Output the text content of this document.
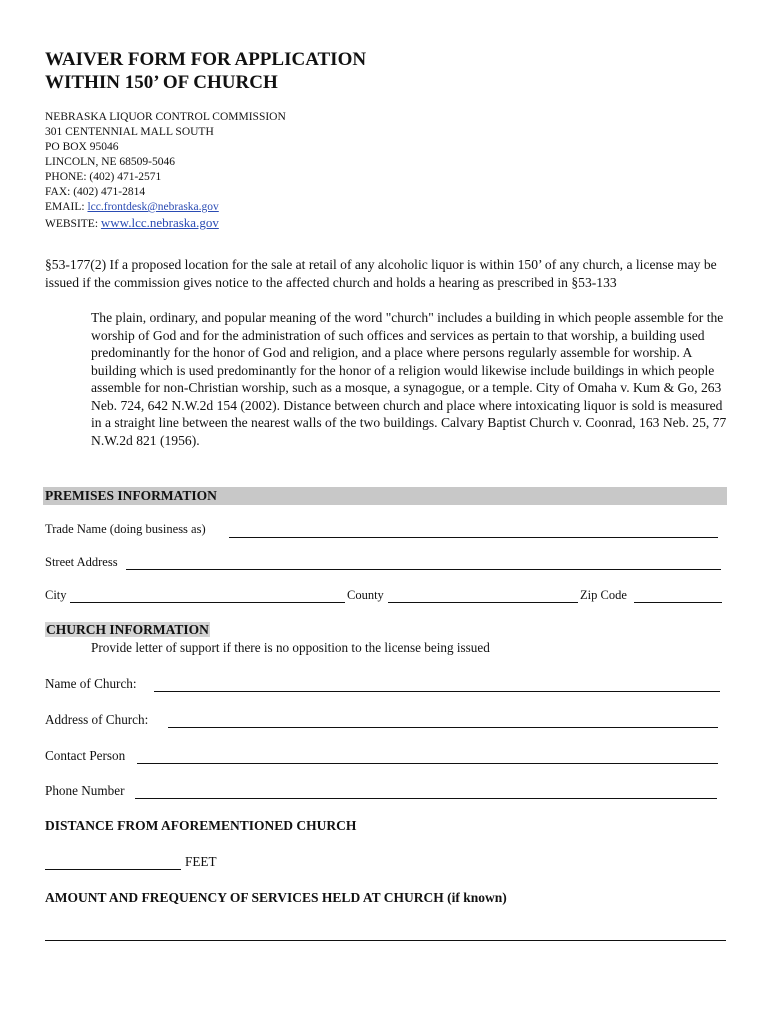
WAIVER FORM FOR APPLICATION
WITHIN 150’ OF CHURCH
NEBRASKA LIQUOR CONTROL COMMISSION
301 CENTENNIAL MALL SOUTH
PO BOX 95046
LINCOLN, NE 68509-5046
PHONE: (402) 471-2571
FAX: (402) 471-2814
EMAIL: lcc.frontdesk@nebraska.gov
WEBSITE: www.lcc.nebraska.gov
§53-177(2) If a proposed location for the sale at retail of any alcoholic liquor is within 150’ of any church, a license may be issued if the commission gives notice to the affected church and holds a hearing as prescribed in §53-133
The plain, ordinary, and popular meaning of the word "church" includes a building in which people assemble for the worship of God and for the administration of such offices and services as pertain to that worship, a building used predominantly for the honor of God and religion, and a place where persons regularly assemble for worship. A building which is used predominantly for the honor of a religion would likewise include buildings in which people assemble for non-Christian worship, such as a mosque, a synagogue, or a temple. City of Omaha v. Kum & Go, 263 Neb. 724, 642 N.W.2d 154 (2002). Distance between church and place where intoxicating liquor is sold is measured in a straight line between the nearest walls of the two buildings. Calvary Baptist Church v. Coonrad, 163 Neb. 25, 77 N.W.2d 821 (1956).
PREMISES INFORMATION
Trade Name (doing business as)
Street Address
City	County	Zip Code
CHURCH INFORMATION
Provide letter of support if there is no opposition to the license being issued
Name of Church:
Address of Church:
Contact Person
Phone Number
DISTANCE FROM AFOREMENTIONED CHURCH
FEET
AMOUNT AND FREQUENCY OF SERVICES HELD AT CHURCH (if known)
